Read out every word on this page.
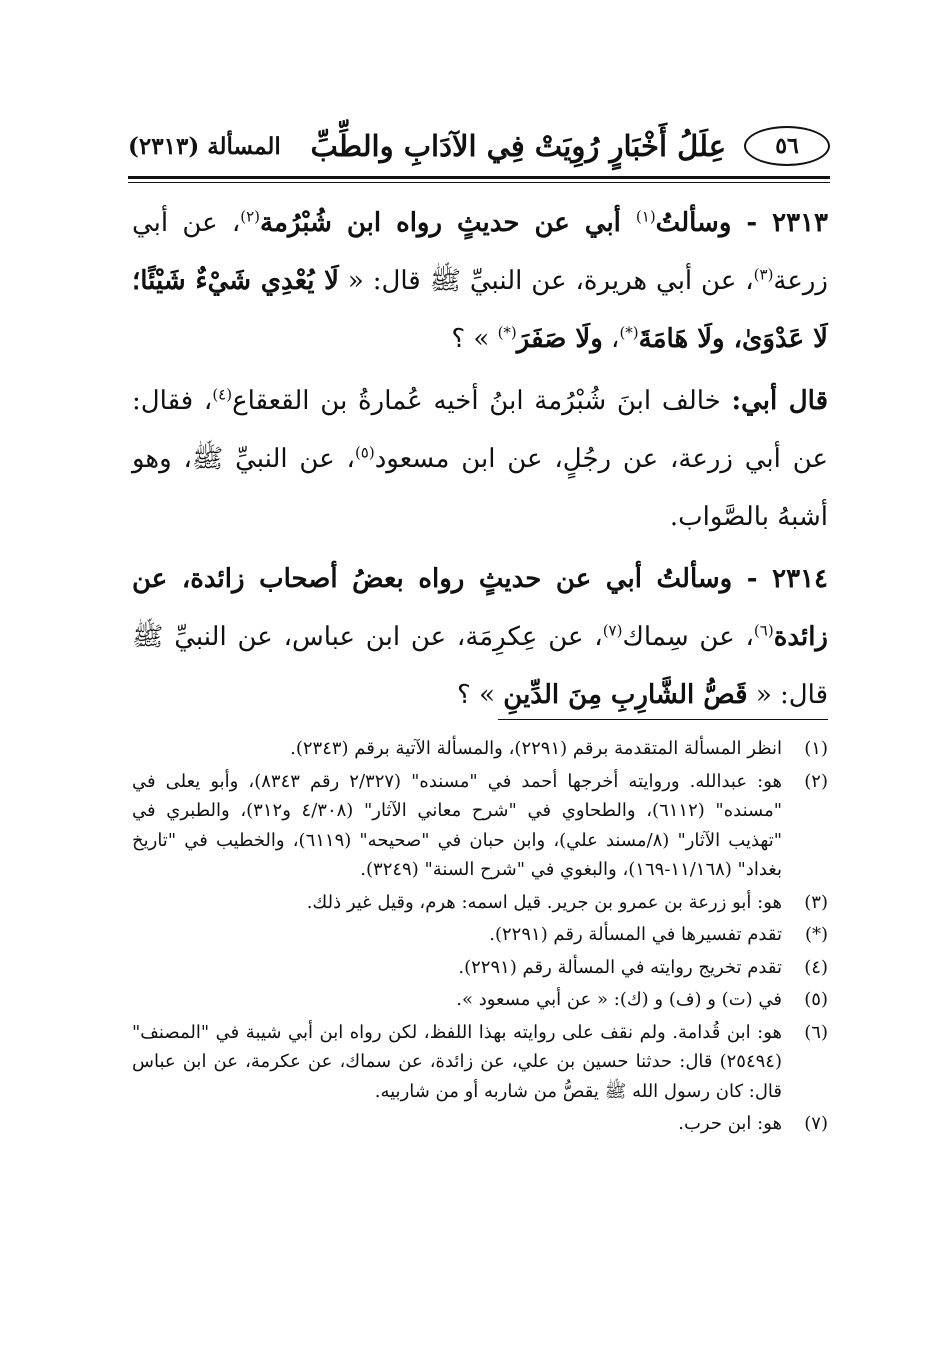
٥٦
عِلَلُ أَخْبَارٍ رُوِيَتْ فِي الآدَابِ والطِّبِّ
المسألة (٢٣١٣)

٢٣١٣ - وسألتُ$^{(١)}$ أبي عن حديثٍ رواه ابن شُبْرُمة$^{(٢)}$، عن أبي زرعة$^{(٣)}$، عن أبي هريرة، عن النبيِّ ﷺ قال: « لَا يُعْدِي شَيْءٌ شَيْئًا؛ لَا عَدْوَىٰ، ولَا هَامَةَ(*)، ولَا صَفَرَ(*) » ؟

قال أبي: خالف ابنَ شُبْرُمة ابنُ أخيه عُمارةُ بن القعقاع$^{(٤)}$، فقال: عن أبي زرعة، عن رجُلٍ، عن ابن مسعود$^{(٥)}$، عن النبيِّ ﷺ، وهو أشبهُ بالصَّواب.

٢٣١٤ - وسألتُ أبي عن حديثٍ رواه بعضُ أصحاب زائدة، عن زائدة$^{(٦)}$، عن سِماك$^{(٧)}$، عن عِكرِمَة، عن ابن عباس، عن النبيِّ ﷺ قال: « قَصُّ الشَّارِبِ مِنَ الدِّينِ » ؟

(١)
انظر المسألة المتقدمة برقم (٢٢٩١)، والمسألة الآتية برقم (٢٣٤٣).
(٢)
هو: عبدالله. وروايته أخرجها أحمد في "مسنده" (٢/٣٢٧ رقم ٨٣٤٣)، وأبو يعلى في "مسنده" (٦١١٢)، والطحاوي في "شرح معاني الآثار" (٤/٣٠٨ و٣١٢)، والطبري في "تهذيب الآثار" (٨/مسند علي)، وابن حبان في "صحيحه" (٦١١٩)، والخطيب في "تاريخ بغداد" (١١/١٦٨-١٦٩)، والبغوي في "شرح السنة" (٣٢٤٩).
(٣)
هو: أبو زرعة بن عمرو بن جرير. قيل اسمه: هرم، وقيل غير ذلك.
(*)
تقدم تفسيرها في المسألة رقم (٢٢٩١).
(٤)
تقدم تخريج روايته في المسألة رقم (٢٢٩١).
(٥)
في (ت) و (ف) و (ك): « عن أبي مسعود ».
(٦)
هو: ابن قُدامة. ولم نقف على روايته بهذا اللفظ، لكن رواه ابن أبي شيبة في "المصنف" (٢٥٤٩٤) قال: حدثنا حسين بن علي، عن زائدة، عن سماك، عن عكرمة، عن ابن عباس قال: كان رسول الله ﷺ يقصُّ من شاربه أو من شاربيه.
(٧)
هو: ابن حرب.
